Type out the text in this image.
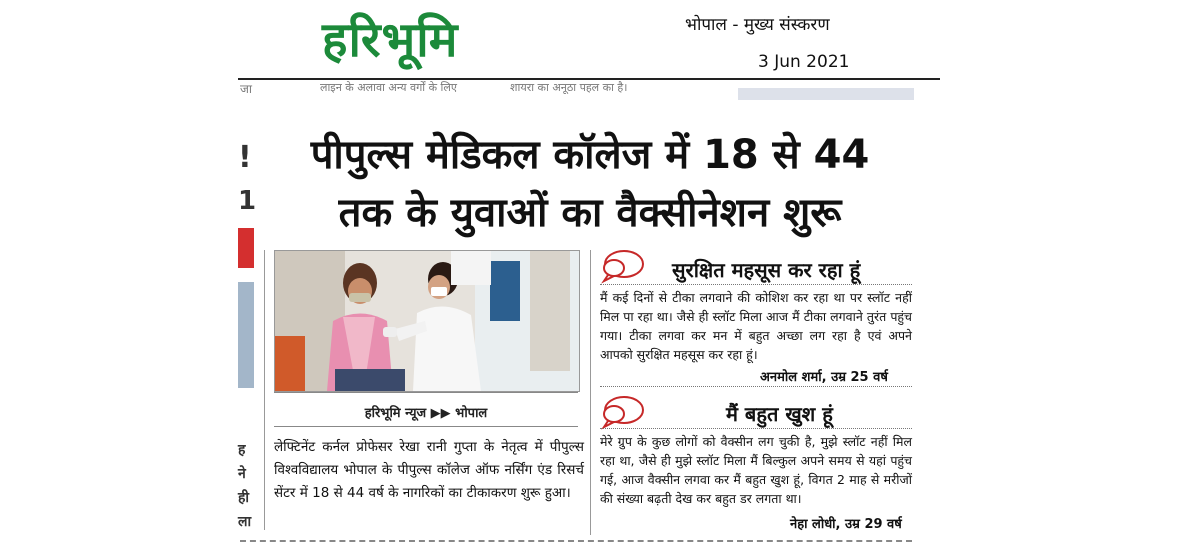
हरिभूमि	भोपाल - मुख्य संस्करण
3 Jun 2021
जा	लाइन के अलावा अन्य वर्गों के लिए	शायरा का अनूठा पहल का है।
!
1
ह
ने
ही
ला
पीपुल्स मेडिकल कॉलेज में 18 से 44
तक के युवाओं का वैक्सीनेशन शुरू
हरिभूमि न्यूज ▶▶ भोपाल
लेफ्टिनेंट कर्नल प्रोफेसर रेखा रानी गुप्ता के नेतृत्व में पीपुल्स विश्वविद्यालय भोपाल के पीपुल्स कॉलेज ऑफ नर्सिंग एंड रिसर्च सेंटर में 18 से 44 वर्ष के नागरिकों का टीकाकरण शुरू हुआ।
सुरक्षित महसूस कर रहा हूं
मैं कई दिनों से टीका लगवाने की कोशिश कर रहा था पर स्लॉट नहीं मिल पा रहा था। जैसे ही स्लॉट मिला आज मैं टीका लगवाने तुरंत पहुंच गया। टीका लगवा कर मन में बहुत अच्छा लग रहा है एवं अपने आपको सुरक्षित महसूस कर रहा हूं।
अनमोल शर्मा, उम्र 25 वर्ष
मैं बहुत खुश हूं
मेरे ग्रुप के कुछ लोगों को वैक्सीन लग चुकी है, मुझे स्लॉट नहीं मिल रहा था, जैसे ही मुझे स्लॉट मिला मैं बिल्कुल अपने समय से यहां पहुंच गई, आज वैक्सीन लगवा कर मैं बहुत खुश हूं, विगत 2 माह से मरीजों की संख्या बढ़ती देख कर बहुत डर लगता था।
नेहा लोधी, उम्र 29 वर्ष
